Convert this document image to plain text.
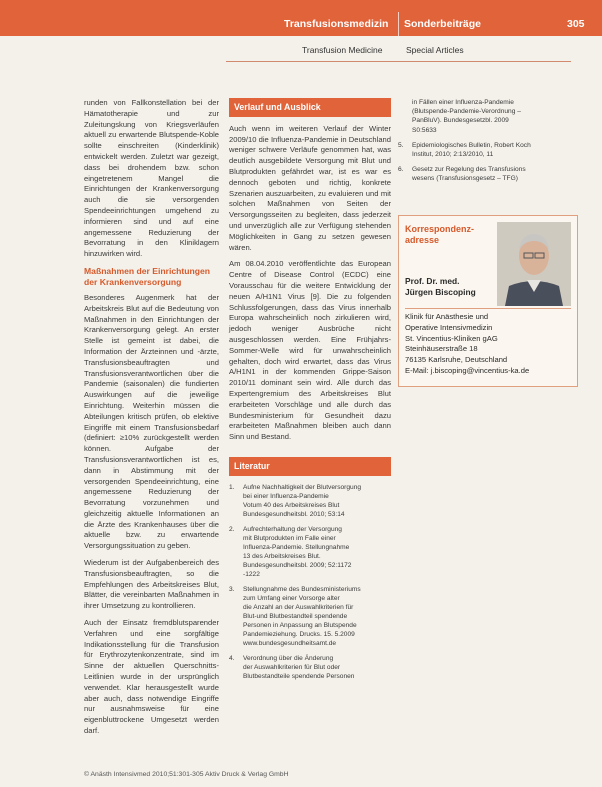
Transfusionsmedizin Sonderbeiträge	305
Transfusion Medicine	Special Articles

runden von Fallkonstellation bei der Hämatotherapie und zur Zuleitungskung von Kriegsverläufen aktuell zu erwartende Blutspende-Koble sollte einschreiten (Kinderklinik) entwickelt werden. Zuletzt war gezeigt, dass bei drohendem bzw. schon eingetretenem Mangel die Einrichtungen der Krankenversorgung auch die sie versorgenden Spendeeinrichtungen umgehend zu informieren sind und auf eine angemessene Reduzierung der Bevorratung in den Kliniklagern hinzuwirken wird.

Maßnahmen der Einrichtungen der Krankenversorgung

Besonderes Augenmerk hat der Arbeitskreis Blut auf die Bedeutung von Maßnahmen in den Einrichtungen der Krankenversorgung gelegt. An erster Stelle ist gemeint ist dabei, die Information der Ärzteinnen und -ärzte, Transfusionsbeauftragten und Transfusionsverantwortlichen über die Pandemie (saisonalen) die fundierten Auswirkungen auf die jeweilige Einrichtung. Weiterhin müssen die Abteilungen kritisch prüfen, ob elektive Eingriffe mit einem Transfusionsbedarf (definiert: ≥10% zurückgestellt werden können. Aufgabe der Transfusionsverantwortlichen ist es, dann in Abstimmung mit der versorgenden Spendeeinrichtung, eine angemessene Reduzierung der Bevorratung vorzunehmen und gleichzeitig aktuelle Informationen an die Ärzte des Krankenhauses über die aktuelle bzw. zu erwartende Versorgungssituation zu geben.

Wiederum ist der Aufgabenbereich des Transfusionsbeauftragten, so die Empfehlungen des Arbeitskreises Blut, Blätter, die vereinbarten Maßnahmen in ihrer Umsetzung zu kontrollieren.

Auch der Einsatz fremdblutsparender Verfahren und eine sorgfältige Indikationsstellung für die Transfusion für Erythrozytenkonzentrate, sind im Sinne der aktuellen Querschnitts-Leitlinien wurde in der ursprünglich verwendet. Klar herausgestellt wurde aber auch, dass notwendige Eingriffe nur ausnahmsweise für eine eigenbluttrockene Umgesetzt werden darf.

Verlauf und Ausblick

Auch wenn im weiteren Verlauf der Winter 2009/10 die Influenza-Pandemie in Deutschland weniger schwere Verläufe genommen hat, was deutlich ausgebildete Versorgung mit Blut und Blutprodukten gefährdet war, ist es war es dennoch geboten und richtig, konkrete Szenarien auszuarbeiten, zu evaluieren und mit solchen Maßnahmen von Seiten der Versorgungsseiten zu begleiten, dass jederzeit und unverzüglich alle zur Verfügung stehenden Möglichkeiten in Gang zu setzen gewesen wären.

Am 08.04.2010 veröffentlichte das European Centre of Disease Control (ECDC) eine Vorausschau für die weitere Entwicklung der neuen A/H1N1 Virus [9]. Die zu folgenden Schlussfolgerungen, dass das Virus innerhalb Europa wahrscheinlich noch zirkulieren wird, jedoch weniger Ausbrüche nicht ausgeschlossen werden. Eine Frühjahrs-Sommer-Welle wird für unwahrscheinlich gehalten, doch wird erwartet, dass das Virus A/H1N1 in der kommenden Grippe-Saison 2010/11 dominant sein wird. Alle durch das Expertengremium des Arbeitskreises Blut erarbeiteten Vorschläge und alle durch das Bundesministerium für Gesundheit dazu erarbeiteten Maßnahmen bleiben auch dann Sinn und Bestand.

Literatur
1. Aufne Nachhaltigkeit der Blutversorgung
bei einer Influenza-Pandemie
Votum 40 des Arbeitskreises Blut
Bundesgesundheitsbl. 2010; 53:14
2. Aufrechterhaltung der Versorgung
mit Blutprodukten im Falle einer
Influenza-Pandemie. Stellungnahme
13 des Arbeitskreises Blut.
Bundesgesundheitsbl. 2009; 52:1172
-1222
3. Stellungnahme des Bundesministeriums
zum Umfang einer Vorsorge alter
die Anzahl an der Auswahlkriterien für
Blut-und Blutbestandteil spendende
Personen in Anpassung an Blutspende
Pandemieziehung. Drucks. 15. 5.2009
www.bundesgesundheitsamt.de
4. Verordnung über die Änderung
der Auswahlkriterien für Blut oder
Blutbestandteile spendende Personen
in Fällen einer Influenza-Pandemie
(Blutspende-Pandemie-Verordnung –
PanBluV). Bundesgesetzbl. 2009
S0:5633
5. Epidemiologisches Bulletin, Robert Koch
Institut, 2010; 2:13/2010, 11
6. Gesetz zur Regelung des Transfusions
wesens (Transfusionsgesetz – TFG)
Korrespondenz-
adresse
Prof. Dr. med.
Jürgen Biscoping
Klinik für Anästhesie und
Operative Intensivmedizin
St. Vincentius-Kliniken gAG
Steinhäuserstraße 18
76135 Karlsruhe, Deutschland
E-Mail: j.biscoping@vincentius-ka.de
© Anästh Intensivmed 2010;51:301-305 Aktiv Druck & Verlag GmbH
